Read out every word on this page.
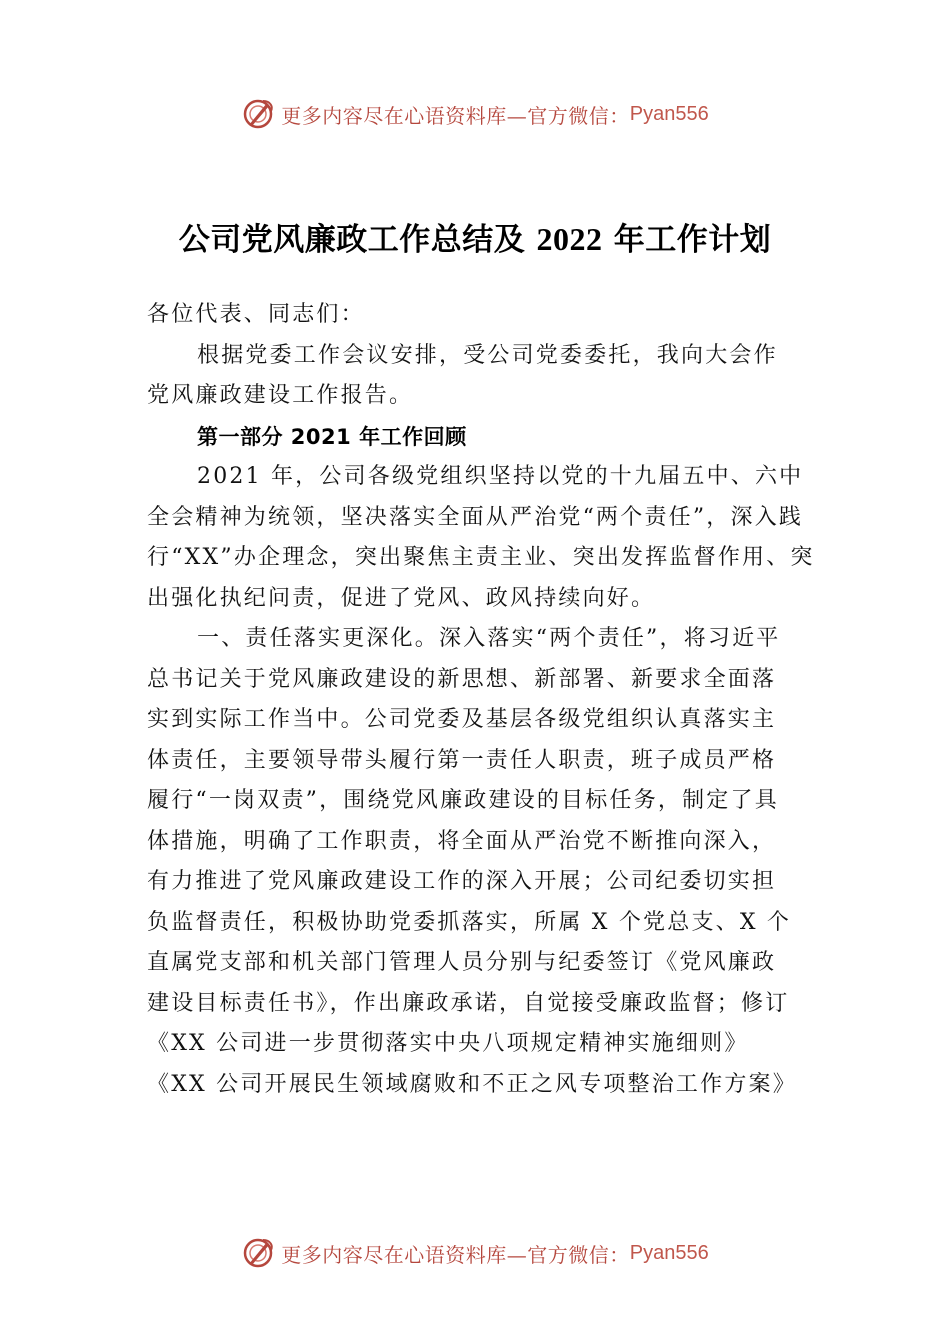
更多内容尽在心语资料库—官方微信： Pyan556
公司党风廉政工作总结及 2022 年工作计划

各位代表、同志们：

根据党委工作会议安排，受公司党委委托，我向大会作
党风廉政建设工作报告。

第一部分 2021 年工作回顾

2021 年，公司各级党组织坚持以党的十九届五中、六中
全会精神为统领，坚决落实全面从严治党“两个责任”，深入践
行“XX”办企理念，突出聚焦主责主业、突出发挥监督作用、突
出强化执纪问责，促进了党风、政风持续向好。

一、责任落实更深化。深入落实“两个责任”，将习近平
总书记关于党风廉政建设的新思想、新部署、新要求全面落
实到实际工作当中。公司党委及基层各级党组织认真落实主
体责任，主要领导带头履行第一责任人职责，班子成员严格
履行“一岗双责”，围绕党风廉政建设的目标任务，制定了具
体措施，明确了工作职责，将全面从严治党不断推向深入，
有力推进了党风廉政建设工作的深入开展；公司纪委切实担
负监督责任，积极协助党委抓落实，所属 X 个党总支、X 个
直属党支部和机关部门管理人员分别与纪委签订《党风廉政
建设目标责任书》，作出廉政承诺，自觉接受廉政监督；修订
《XX 公司进一步贯彻落实中央八项规定精神实施细则》
《XX 公司开展民生领域腐败和不正之风专项整治工作方案》

更多内容尽在心语资料库—官方微信： Pyan556
